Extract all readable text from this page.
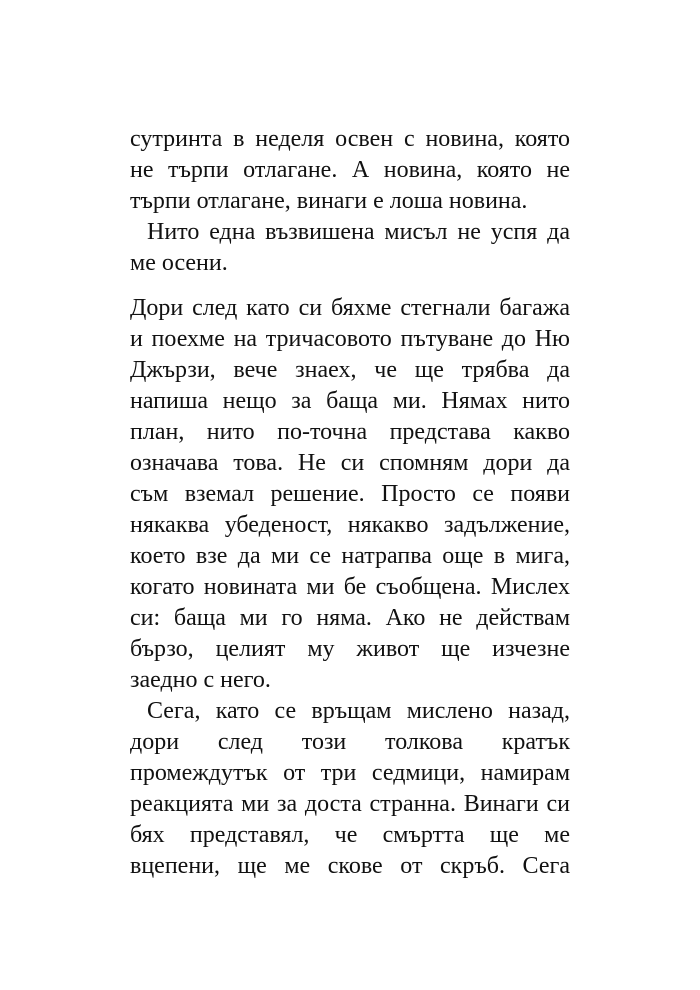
сутринта в неделя освен с новина, която
не търпи отлагане. А новина, която не
търпи отлагане, винаги е лоша новина.
Нито една възвишена мисъл не успя да
ме осени.
Дори след като си бяхме стегнали багажа
и поехме на тричасовото пътуване до Ню
Джързи, вече знаех, че ще трябва да
напиша нещо за баща ми. Нямах нито
план, нито по-точна представа какво
означава това. Не си спомням дори да
съм вземал решение. Просто се появи
някаква убеденост, някакво задължение,
което взе да ми се натрапва още в мига,
когато новината ми бе съобщена. Мислех
си: баща ми го няма. Ако не действам
бързо, целият му живот ще изчезне
заедно с него.
Сега, като се връщам мислено назад,
дори след този толкова кратък
промеждутък от три седмици, намирам
реакцията ми за доста странна. Винаги си
бях представял, че смъртта ще ме
вцепени, ще ме скове от скръб. Сега
